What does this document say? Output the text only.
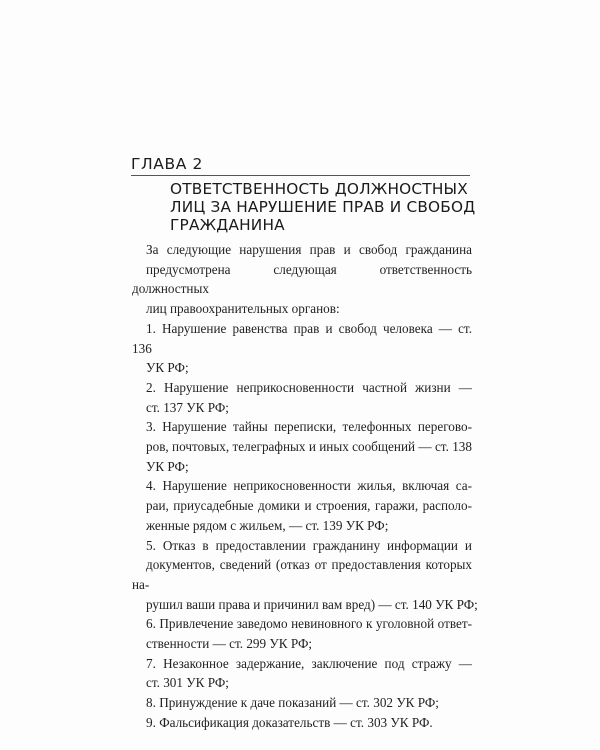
ГЛАВА 2

ОТВЕТСТВЕННОСТЬ ДОЛЖНОСТНЫХ
ЛИЦ ЗА НАРУШЕНИЕ ПРАВ И СВОБОД
ГРАЖДАНИНА

За следующие нарушения прав и свобод гражданина
предусмотрена следующая ответственность должностных
лиц правоохранительных органов:

1. Нарушение равенства прав и свобод человека — ст. 136
УК РФ;

2. Нарушение неприкосновенности частной жизни —
ст. 137 УК РФ;

3. Нарушение тайны переписки, телефонных перегово-
ров, почтовых, телеграфных и иных сообщений — ст. 138
УК РФ;

4. Нарушение неприкосновенности жилья, включая са-
раи, приусадебные домики и строения, гаражи, располо-
женные рядом с жильем, — ст. 139 УК РФ;

5. Отказ в предоставлении гражданину информации и
документов, сведений (отказ от предоставления которых на-
рушил ваши права и причинил вам вред) — ст. 140 УК РФ;

6. Привлечение заведомо невиновного к уголовной ответ-
ственности — ст. 299 УК РФ;

7. Незаконное задержание, заключение под стражу —
ст. 301 УК РФ;

8. Принуждение к даче показаний — ст. 302 УК РФ;

9. Фальсификация доказательств — ст. 303 УК РФ.
